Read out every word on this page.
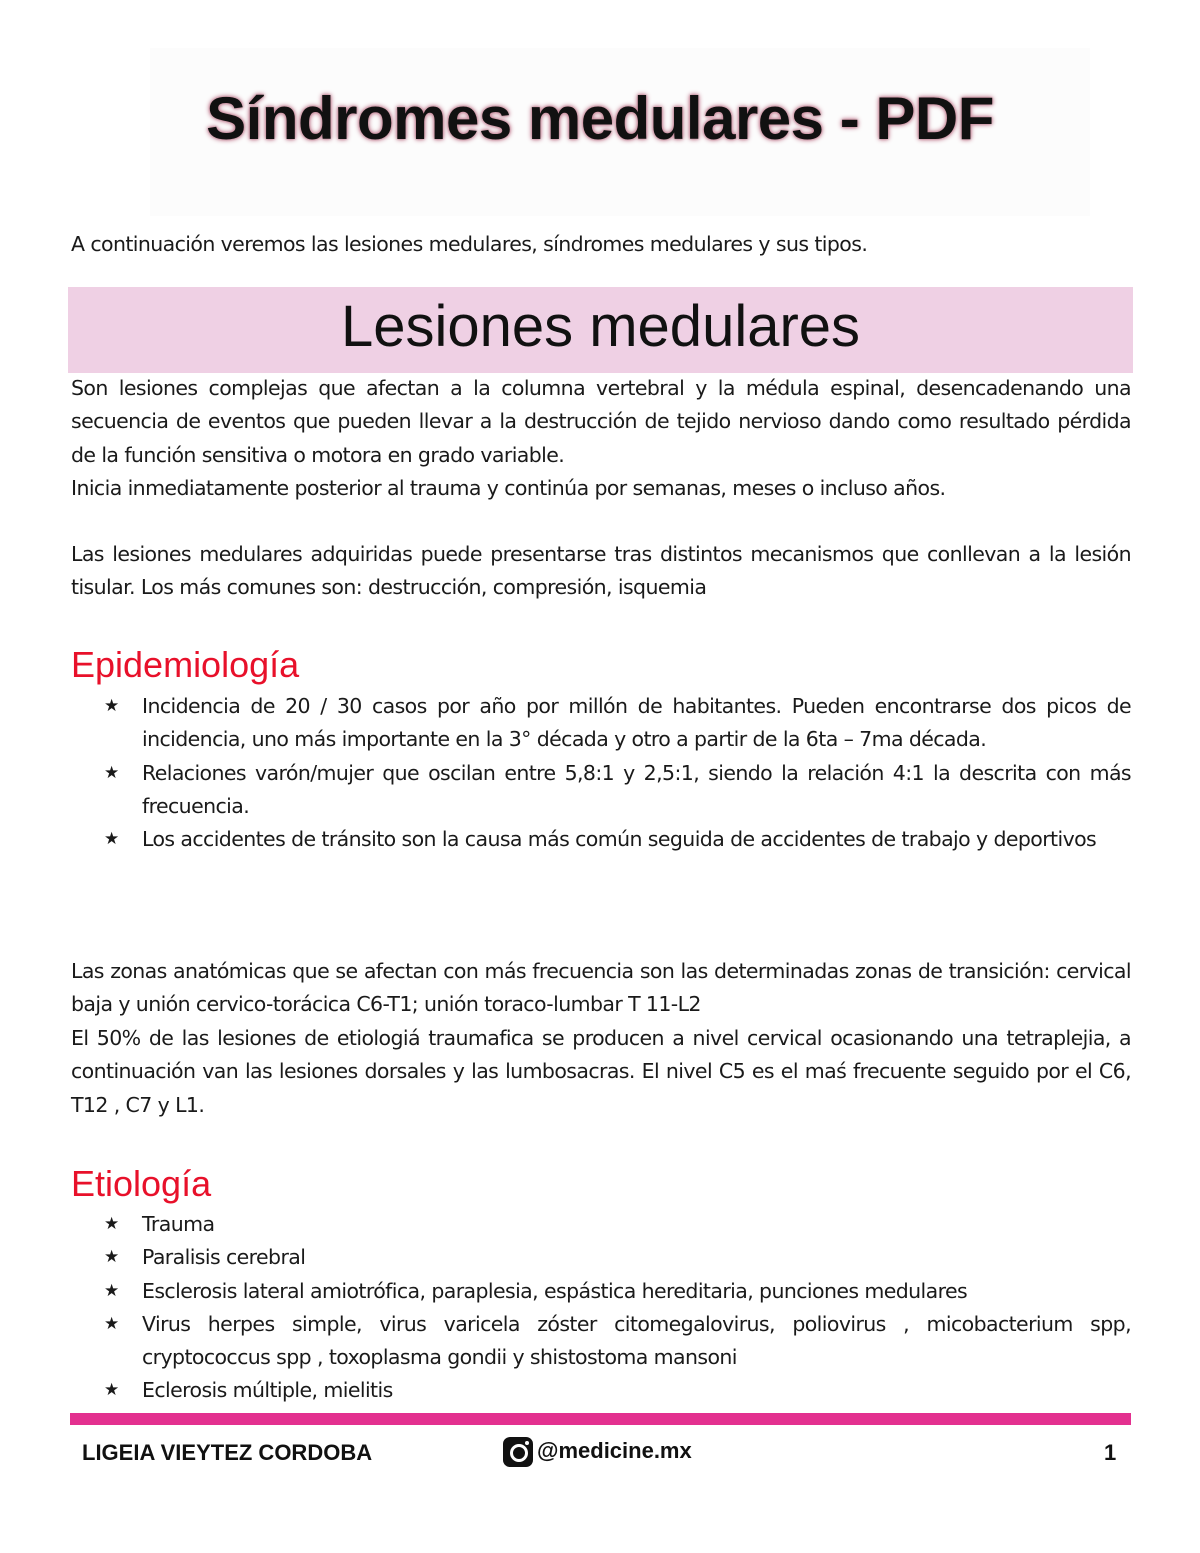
Síndromes medulares - PDF
A continuación veremos las lesiones medulares, síndromes medulares y sus tipos.
Lesiones medulares
Son lesiones complejas que afectan a la columna vertebral y la médula espinal, desencadenando una secuencia de eventos que pueden llevar a la destrucción de tejido nervioso dando como resultado pérdida de la función sensitiva o motora en grado variable.
Inicia inmediatamente posterior al trauma y continúa por semanas, meses o incluso años.
Las lesiones medulares adquiridas puede presentarse tras distintos mecanismos que conllevan a la lesión tisular. Los más comunes son: destrucción, compresión, isquemia
Epidemiología
★ Incidencia de 20 / 30 casos por año por millón de habitantes. Pueden encontrarse dos picos de incidencia, uno más importante en la 3° década y otro a partir de la 6ta – 7ma década.
★ Relaciones varón/mujer que oscilan entre 5,8:1 y 2,5:1, siendo la relación 4:1 la descrita con más frecuencia.
★ Los accidentes de tránsito son la causa más común seguida de accidentes de trabajo y deportivos
Las zonas anatómicas que se afectan con más frecuencia son las determinadas zonas de transición: cervical baja y unión cervico-torácica C6-T1; unión toraco-lumbar T 11-L2
El 50% de las lesiones de etiologiá traumafica se producen a nivel cervical ocasionando una tetraplejia, a continuación van las lesiones dorsales y las lumbosacras. El nivel C5 es el maś frecuente seguido por el C6, T12 , C7 y L1.
Etiología
★ Trauma
★ Paralisis cerebral
★ Esclerosis lateral amiotrófica, paraplesia, espástica hereditaria, punciones medulares
★ Virus herpes simple, virus varicela zóster citomegalovirus, poliovirus , micobacterium spp, cryptococcus spp , toxoplasma gondii y shistostoma mansoni
★ Eclerosis múltiple, mielitis
LIGEIA VIEYTEZ CORDOBA	@medicine.mx	1
